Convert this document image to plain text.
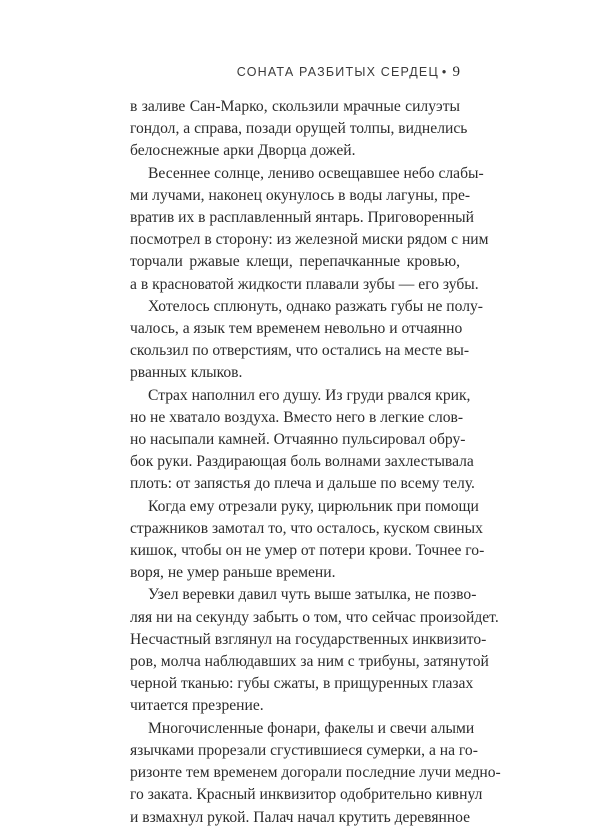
СОНАТА РАЗБИТЫХ СЕРДЕЦ • 9
в заливе Сан-Марко, скользили мрачные силуэты
гондол, а справа, позади орущей толпы, виднелись
белоснежные арки Дворца дожей.
Весеннее солнце, лениво освещавшее небо слабы-
ми лучами, наконец окунулось в воды лагуны, пре-
вратив их в расплавленный янтарь. Приговоренный
посмотрел в сторону: из железной миски рядом с ним
торчали ржавые клещи, перепачканные кровью,
а в красноватой жидкости плавали зубы — его зубы.
Хотелось сплюнуть, однако разжать губы не полу-
чалось, а язык тем временем невольно и отчаянно
скользил по отверстиям, что остались на месте вы-
рванных клыков.
Страх наполнил его душу. Из груди рвался крик,
но не хватало воздуха. Вместо него в легкие слов-
но насыпали камней. Отчаянно пульсировал обру-
бок руки. Раздирающая боль волнами захлестывала
плоть: от запястья до плеча и дальше по всему телу.
Когда ему отрезали руку, цирюльник при помощи
стражников замотал то, что осталось, куском свиных
кишок, чтобы он не умер от потери крови. Точнее го-
воря, не умер раньше времени.
Узел веревки давил чуть выше затылка, не позво-
ляя ни на секунду забыть о том, что сейчас произойдет.
Несчастный взглянул на государственных инквизито-
ров, молча наблюдавших за ним с трибуны, затянутой
черной тканью: губы сжаты, в прищуренных глазах
читается презрение.
Многочисленные фонари, факелы и свечи алыми
язычками прорезали сгустившиеся сумерки, а на го-
ризонте тем временем догорали последние лучи медно-
го заката. Красный инквизитор одобрительно кивнул
и взмахнул рукой. Палач начал крутить деревянное
